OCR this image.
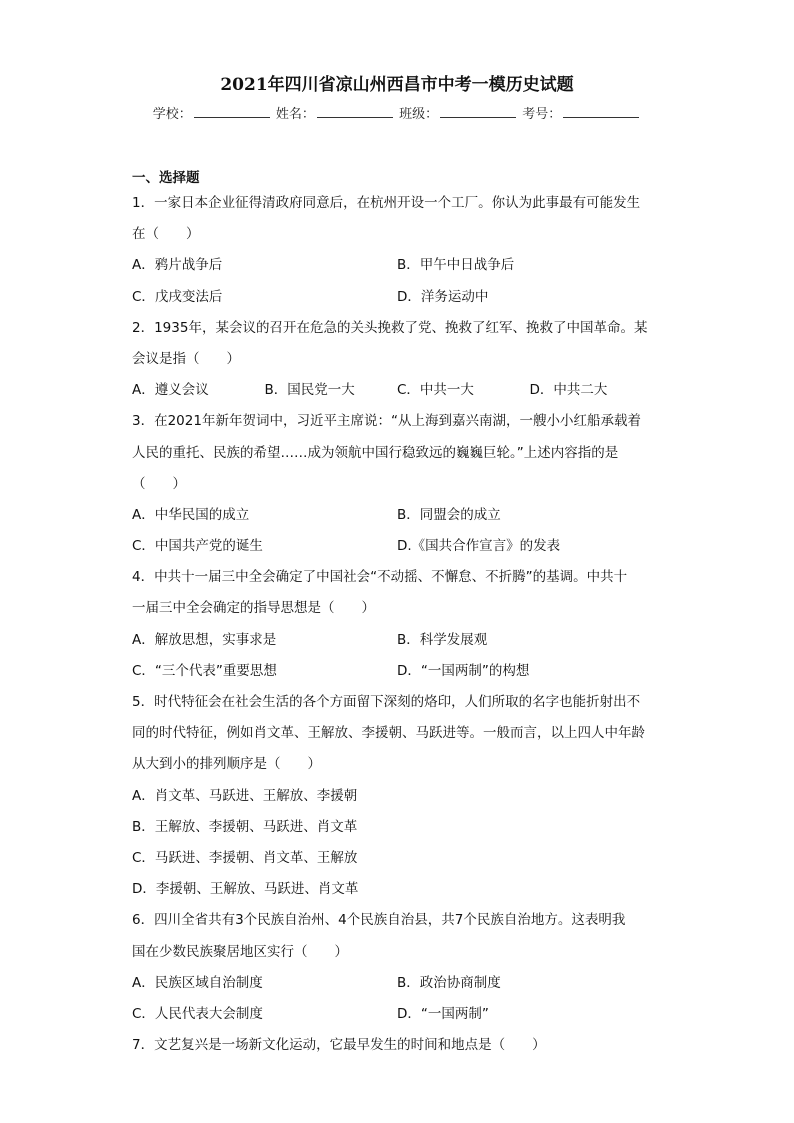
2021年四川省凉山州西昌市中考一模历史试题
学校：	姓名：	班级：	考号：
一、选择题
1．一家日本企业征得清政府同意后，在杭州开设一个工厂。你认为此事最有可能发生
在（　　）
A．鸦片战争后	B．甲午中日战争后
C．戊戌变法后	D．洋务运动中
2．1935年，某会议的召开在危急的关头挽救了党、挽救了红军、挽救了中国革命。某
会议是指（　　）
A．遵义会议	B．国民党一大	C．中共一大	D．中共二大
3．在2021年新年贺词中，习近平主席说：“从上海到嘉兴南湖，一艘小小红船承载着
人民的重托、民族的希望……成为领航中国行稳致远的巍巍巨轮。”上述内容指的是
（　　）
A．中华民国的成立	B．同盟会的成立
C．中国共产党的诞生	D.《国共合作宣言》的发表
4．中共十一届三中全会确定了中国社会“不动摇、不懈怠、不折腾”的基调。中共十
一届三中全会确定的指导思想是（　　）
A．解放思想，实事求是	B．科学发展观
C．“三个代表”重要思想	D．“一国两制”的构想
5．时代特征会在社会生活的各个方面留下深刻的烙印，人们所取的名字也能折射出不
同的时代特征，例如肖文革、王解放、李援朝、马跃进等。一般而言，以上四人中年龄
从大到小的排列顺序是（　　）
A．肖文革、马跃进、王解放、李援朝
B．王解放、李援朝、马跃进、肖文革
C．马跃进、李援朝、肖文革、王解放
D．李援朝、王解放、马跃进、肖文革
6．四川全省共有3个民族自治州、4个民族自治县，共7个民族自治地方。这表明我
国在少数民族聚居地区实行（　　）
A．民族区域自治制度	B．政治协商制度
C．人民代表大会制度	D．“一国两制”
7．文艺复兴是一场新文化运动，它最早发生的时间和地点是（　　）
